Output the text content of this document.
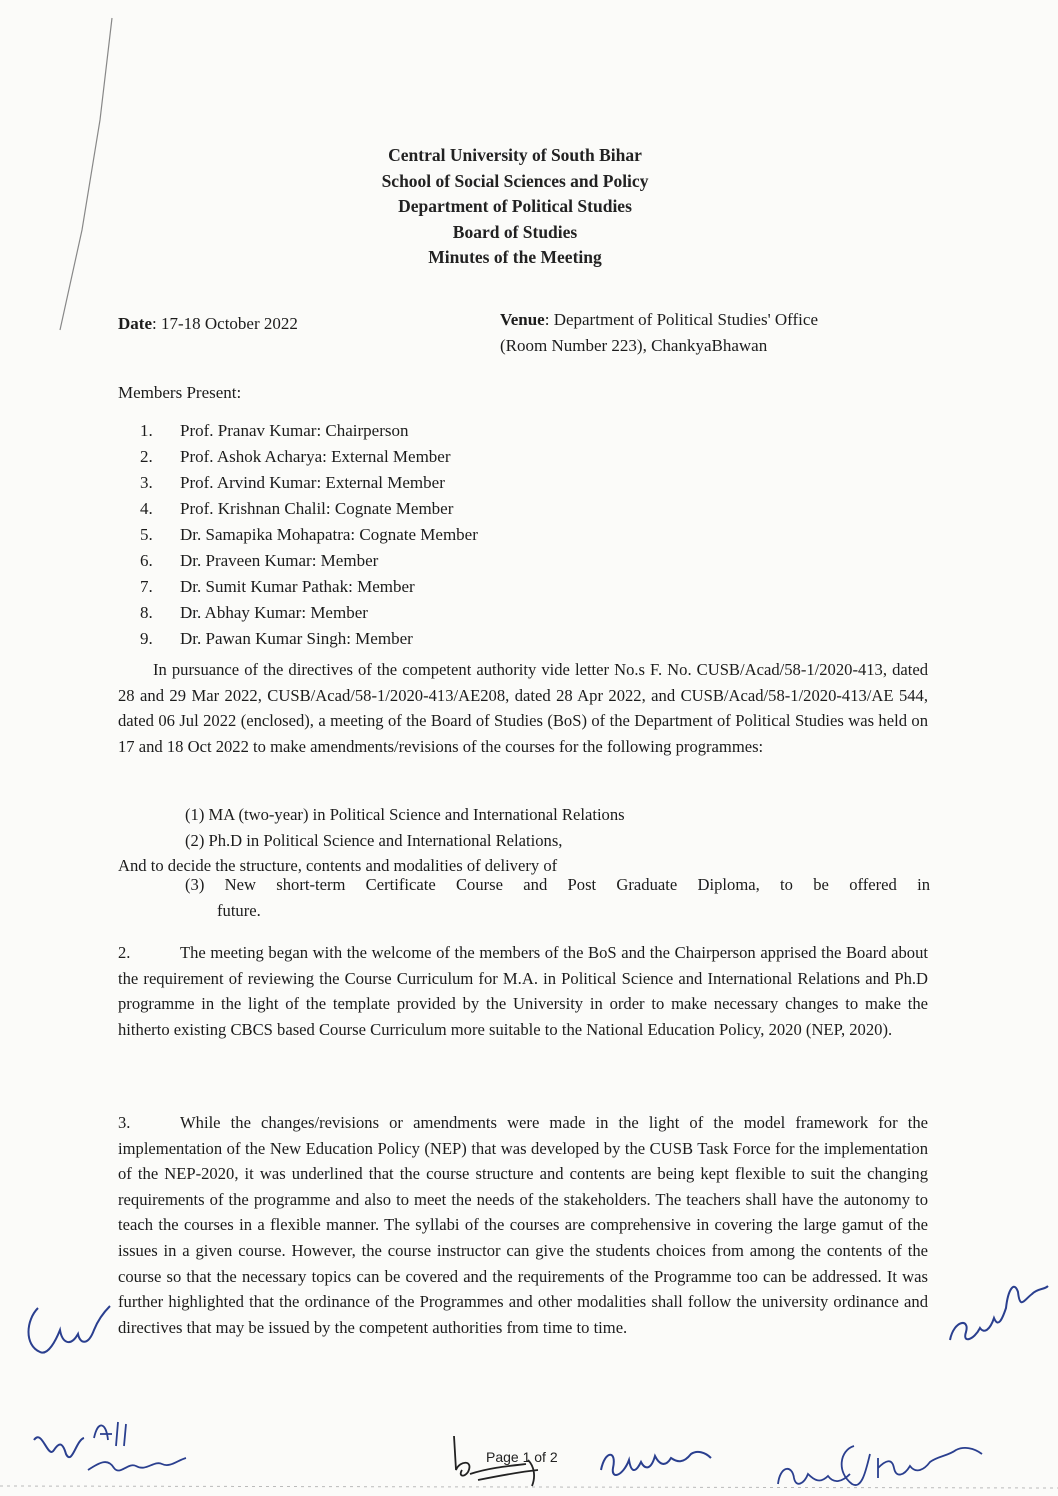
Central University of South Bihar
School of Social Sciences and Policy
Department of Political Studies
Board of Studies
Minutes of the Meeting
Date: 17-18 October 2022	Venue: Department of Political Studies' Office
(Room Number 223), ChankyaBhawan
Members Present:
1. Prof. Pranav Kumar: Chairperson
2. Prof. Ashok Acharya: External Member
3. Prof. Arvind Kumar: External Member
4. Prof. Krishnan Chalil: Cognate Member
5. Dr. Samapika Mohapatra: Cognate Member
6. Dr. Praveen Kumar: Member
7. Dr. Sumit Kumar Pathak: Member
8. Dr. Abhay Kumar: Member
9. Dr. Pawan Kumar Singh: Member
In pursuance of the directives of the competent authority vide letter No.s F. No. CUSB/Acad/58-1/2020-413, dated 28 and 29 Mar 2022, CUSB/Acad/58-1/2020-413/AE208, dated 28 Apr 2022, and CUSB/Acad/58-1/2020-413/AE 544, dated 06 Jul 2022 (enclosed), a meeting of the Board of Studies (BoS) of the Department of Political Studies was held on 17 and 18 Oct 2022 to make amendments/revisions of the courses for the following programmes:
(1) MA (two-year) in Political Science and International Relations
(2) Ph.D in Political Science and International Relations,
And to decide the structure, contents and modalities of delivery of
(3) New short-term Certificate Course and Post Graduate Diploma, to be offered in
future.
2.	The meeting began with the welcome of the members of the BoS and the Chairperson apprised the Board about the requirement of reviewing the Course Curriculum for M.A. in Political Science and International Relations and Ph.D programme in the light of the template provided by the University in order to make necessary changes to make the hitherto existing CBCS based Course Curriculum more suitable to the National Education Policy, 2020 (NEP, 2020).
3.	While the changes/revisions or amendments were made in the light of the model framework for the implementation of the New Education Policy (NEP) that was developed by the CUSB Task Force for the implementation of the NEP-2020, it was underlined that the course structure and contents are being kept flexible to suit the changing requirements of the programme and also to meet the needs of the stakeholders. The teachers shall have the autonomy to teach the courses in a flexible manner. The syllabi of the courses are comprehensive in covering the large gamut of the issues in a given course. However, the course instructor can give the students choices from among the contents of the course so that the necessary topics can be covered and the requirements of the Programme too can be addressed. It was further highlighted that the ordinance of the Programmes and other modalities shall follow the university ordinance and directives that may be issued by the competent authorities from time to time.
Page 1 of 2
